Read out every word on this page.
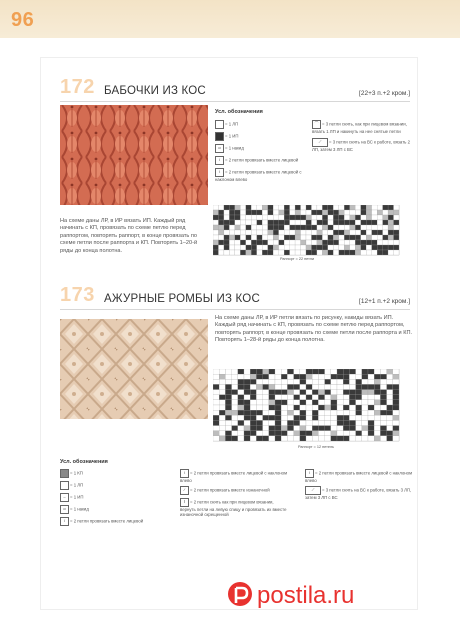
96
172 БАБОЧКИ ИЗ КОС	[22+3 п.+2 кром.]
Усл. обозначения
= 1 ЛП
= 1 ИП
o = 1 накид
/ = 2 петли провязать вместе лицевой
\ = 2 петли провязать вместе лицевой с наклоном влево
⌒ = 3 петли снять, как при лицевом вязании, вязать 1 ЛП и накинуть на нее снятые петли
⟋ = 3 петли снять на ВС к работе, вязать 2 ЛП, затем 3 ЛП с ВС
На схеме даны ЛР, в ИР вязать ИП. Каждый ряд начинать с КП, провязать по схеме петлю перед раппортом, повторять раппорт, в конце провязать по схеме петли после раппорта и КП. Повторять 1–20-й ряды до конца полотна.
Раппорт = 22 петли
173 АЖУРНЫЕ РОМБЫ ИЗ КОС	[12+1 п.+2 кром.]
На схеме даны ЛР, в ИР петли вязать по рисунку, накиды вязать ИП. Каждый ряд начинать с КП, провязать по схеме петлю перед раппортом, повторять раппорт, в конце провязать по схеме петли после раппорта и КП. Повторять 1–28-й ряды до конца полотна.
Раппорт = 12 петель
Усл. обозначения
= 1 КП
= 1 ЛП
– = 1 ИП
o = 1 накид
/ = 2 петли провязать вместе лицевой
\ = 2 петли провязать вместе лицевой с наклоном влево
⁄ = 2 петли провязать вместе изнаночной
⌇ = 2 петли снять как при лицевом вязании, вернуть петли на левую спицу и провязать их вместе изнаночной скрещенной
\ = 2 петли провязать вместе лицевой с наклоном влево
⟋ = 3 петли снять на ВС к работе, вязать 3 ЛП, затем 3 ЛП с ВС
postila.ru
